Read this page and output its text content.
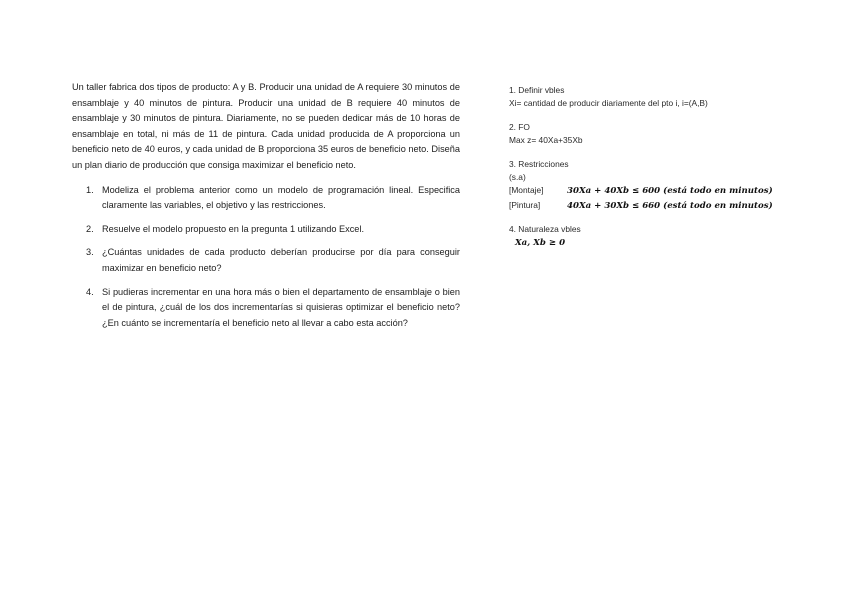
Un taller fabrica dos tipos de producto: A y B. Producir una unidad de A requiere 30 minutos de ensamblaje y 40 minutos de pintura. Producir una unidad de B requiere 40 minutos de ensamblaje y 30 minutos de pintura. Diariamente, no se pueden dedicar más de 10 horas de ensamblaje en total, ni más de 11 de pintura. Cada unidad producida de A proporciona un beneficio neto de 40 euros, y cada unidad de B proporciona 35 euros de beneficio neto. Diseña un plan diario de producción que consiga maximizar el beneficio neto.

1. Modeliza el problema anterior como un modelo de programación lineal. Especifica claramente las variables, el objetivo y las restricciones.
2. Resuelve el modelo propuesto en la pregunta 1 utilizando Excel.
3. ¿Cuántas unidades de cada producto deberían producirse por día para conseguir maximizar en beneficio neto?
4. Si pudieras incrementar en una hora más o bien el departamento de ensamblaje o bien el de pintura, ¿cuál de los dos incrementarías si quisieras optimizar el beneficio neto? ¿En cuánto se incrementaría el beneficio neto al llevar a cabo esta acción?
1. Definir vbles
Xi= cantidad de producir diariamente del pto i, i=(A,B)
2. FO
Max z= 40Xa+35Xb
3. Restricciones
(s.a)
[Montaje]	30Xa + 40Xb ≤ 600 (está todo en minutos)
[Pintura]	40Xa + 30Xb ≤ 660 (está todo en minutos)
4. Naturaleza vbles
Xa, Xb ≥ 0
